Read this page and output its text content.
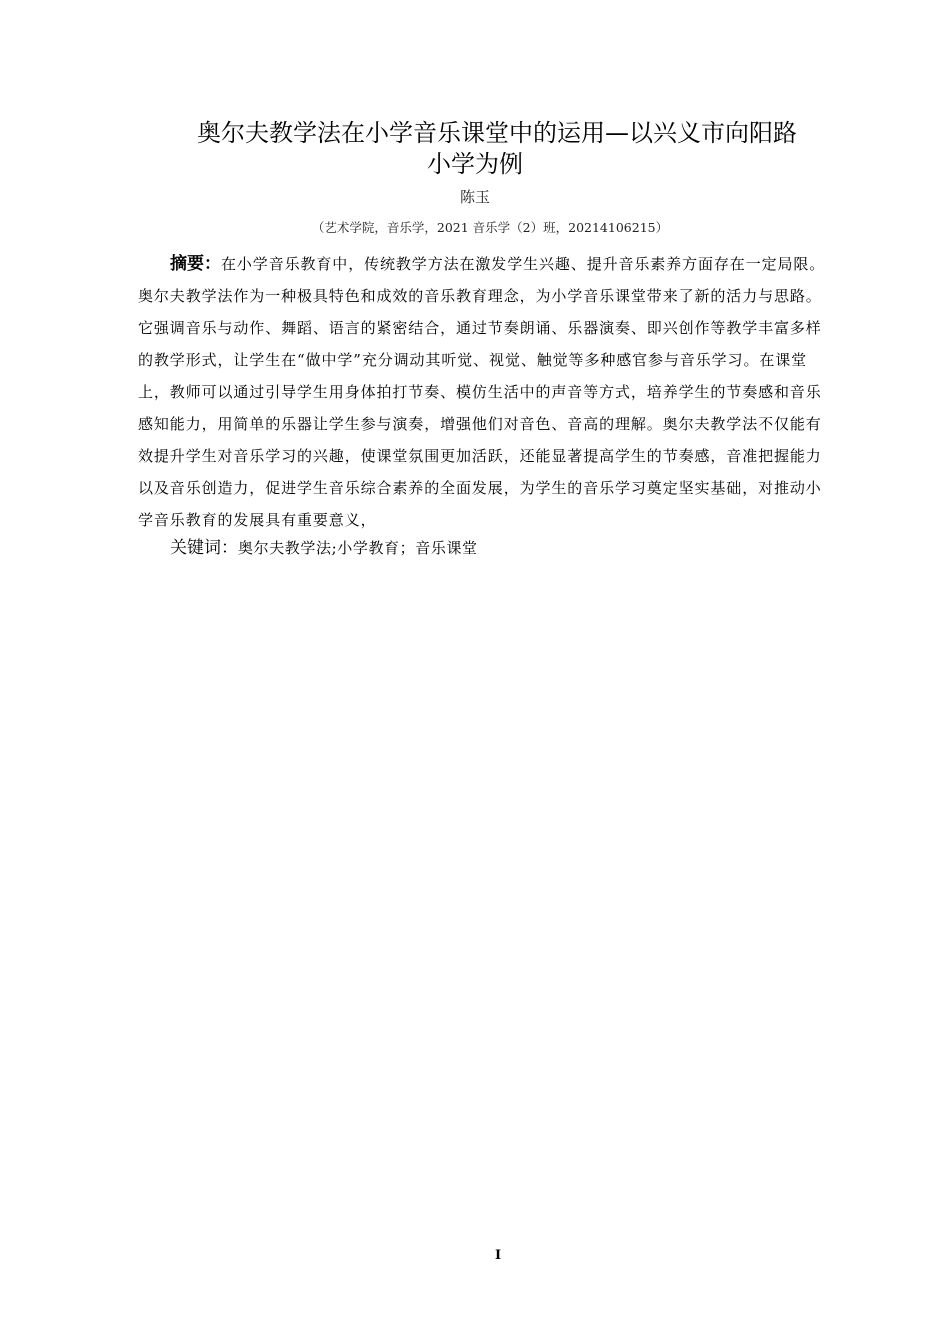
奥尔夫教学法在小学音乐课堂中的运用—以兴义市向阳路
小学为例
陈玉
（艺术学院，音乐学，2021 音乐学（2）班，20214106215）
摘要：在小学音乐教育中，传统教学方法在激发学生兴趣、提升音乐素养方面存在一定局限。
奥尔夫教学法作为一种极具特色和成效的音乐教育理念，为小学音乐课堂带来了新的活力与思路。
它强调音乐与动作、舞蹈、语言的紧密结合，通过节奏朗诵、乐器演奏、即兴创作等教学丰富多样
的教学形式，让学生在“做中学”充分调动其听觉、视觉、触觉等多种感官参与音乐学习。在课堂
上，教师可以通过引导学生用身体拍打节奏、模仿生活中的声音等方式，培养学生的节奏感和音乐
感知能力，用简单的乐器让学生参与演奏，增强他们对音色、音高的理解。奥尔夫教学法不仅能有
效提升学生对音乐学习的兴趣，使课堂氛围更加活跃，还能显著提高学生的节奏感，音准把握能力
以及音乐创造力，促进学生音乐综合素养的全面发展，为学生的音乐学习奠定坚实基础，对推动小
学音乐教育的发展具有重要意义，
关键词：奥尔夫教学法;小学教育；音乐课堂
I
